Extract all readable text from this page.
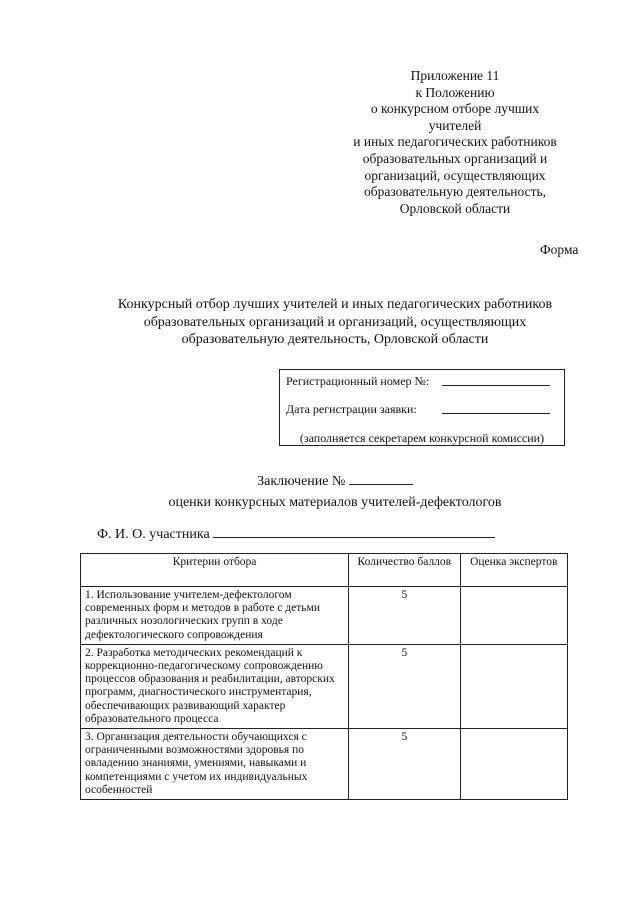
Приложение 11
к Положению
о конкурсном отборе лучших
учителей
и иных педагогических работников
образовательных организаций и
организаций, осуществляющих
образовательную деятельность,
Орловской области
Форма
Конкурсный отбор лучших учителей и иных педагогических работников
образовательных организаций и организаций, осуществляющих
образовательную деятельность, Орловской области
Регистрационный номер №:
Дата регистрации заявки:
(заполняется секретарем конкурсной комиссии)
Заключение №
оценки конкурсных материалов учителей-дефектологов
Ф. И. О. участника
Критерии отбора	Количество баллов	Оценка экспертов
1. Использование учителем-дефектологом современных форм и методов в работе с детьми различных нозологических групп в ходе дефектологического сопровождения	5	
2. Разработка методических рекомендаций к коррекционно-педагогическому сопровождению процессов образования и реабилитации, авторских программ, диагностического инструментария, обеспечивающих развивающий характер образовательного процесса	5	
3. Организация деятельности обучающихся с ограниченными возможностями здоровья по овладению знаниями, умениями, навыками и компетенциями с учетом их индивидуальных особенностей	5	
